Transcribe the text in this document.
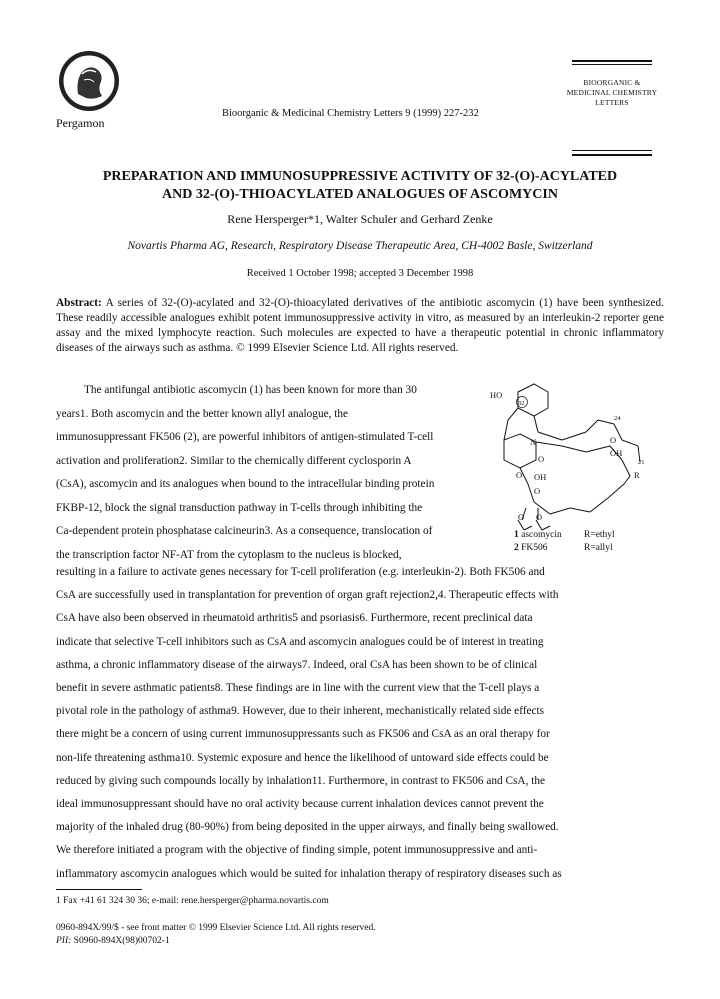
Pergamon
Bioorganic & Medicinal Chemistry Letters 9 (1999) 227-232
BIOORGANIC &
MEDICINAL CHEMISTRY
LETTERS
PREPARATION AND IMMUNOSUPPRESSIVE ACTIVITY OF 32-(O)-ACYLATED
AND 32-(O)-THIOACYLATED ANALOGUES OF ASCOMYCIN
Rene Hersperger*1, Walter Schuler and Gerhard Zenke
Novartis Pharma AG, Research, Respiratory Disease Therapeutic Area, CH-4002 Basle, Switzerland
Received 1 October 1998; accepted 3 December 1998
Abstract: A series of 32-(O)-acylated and 32-(O)-thioacylated derivatives of the antibiotic ascomycin (1) have been synthesized. These readily accessible analogues exhibit potent immunosuppressive activity in vitro, as measured by an interleukin-2 reporter gene assay and the mixed lymphocyte reaction. Such molecules are expected to have a therapeutic potential in chronic inflammatory diseases of the airways such as asthma. © 1999 Elsevier Science Ltd. All rights reserved.
The antifungal antibiotic ascomycin (1) has been known for more than 30
years1. Both ascomycin and the better known allyl analogue, the
immunosuppressant FK506 (2), are powerful inhibitors of antigen-stimulated T-cell
activation and proliferation2. Similar to the chemically different cyclosporin A
(CsA), ascomycin and its analogues when bound to the intracellular binding protein
FKBP-12, block the signal transduction pathway in T-cells through inhibiting the
Ca-dependent protein phosphatase calcineurin3. As a consequence, translocation of
the transcription factor NF-AT from the cytoplasm to the nucleus is blocked,
HO
32
24
O
OH
21
R
N
O
O OH
O
O O
1 ascomycin R=ethyl
2 FK506	R=allyl
resulting in a failure to activate genes necessary for T-cell proliferation (e.g. interleukin-2). Both FK506 and
CsA are successfully used in transplantation for prevention of organ graft rejection2,4. Therapeutic effects with
CsA have also been observed in rheumatoid arthritis5 and psoriasis6. Furthermore, recent preclinical data
indicate that selective T-cell inhibitors such as CsA and ascomycin analogues could be of interest in treating
asthma, a chronic inflammatory disease of the airways7. Indeed, oral CsA has been shown to be of clinical
benefit in severe asthmatic patients8. These findings are in line with the current view that the T-cell plays a
pivotal role in the pathology of asthma9. However, due to their inherent, mechanistically related side effects
there might be a concern of using current immunosuppressants such as FK506 and CsA as an oral therapy for
non-life threatening asthma10. Systemic exposure and hence the likelihood of untoward side effects could be
reduced by giving such compounds locally by inhalation11. Furthermore, in contrast to FK506 and CsA, the
ideal immunosuppressant should have no oral activity because current inhalation devices cannot prevent the
majority of the inhaled drug (80-90%) from being deposited in the upper airways, and finally being swallowed.
We therefore initiated a program with the objective of finding simple, potent immunosuppressive and anti-
inflammatory ascomycin analogues which would be suited for inhalation therapy of respiratory diseases such as
1 Fax +41 61 324 30 36; e-mail: rene.hersperger@pharma.novartis.com
0960-894X/99/$ - see front matter © 1999 Elsevier Science Ltd. All rights reserved.
PII: S0960-894X(98)00702-1
